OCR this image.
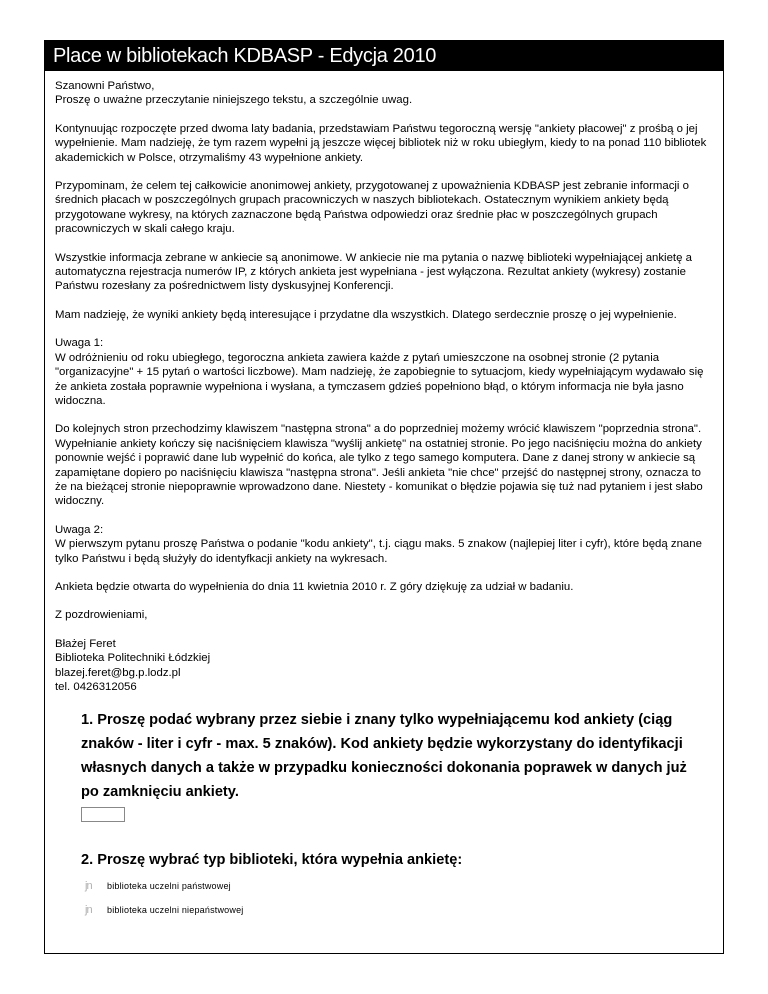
Place w bibliotekach KDBASP - Edycja 2010

Szanowni Państwo,
Proszę o uważne przeczytanie niniejszego tekstu, a szczególnie uwag.

Kontynuując rozpoczęte przed dwoma laty badania, przedstawiam Państwu tegoroczną wersję "ankiety płacowej" z prośbą o jej wypełnienie. Mam nadzieję, że tym razem wypełni ją jeszcze więcej bibliotek niż w roku ubiegłym, kiedy to na ponad 110 bibliotek akademickich w Polsce, otrzymaliśmy 43 wypełnione ankiety.

Przypominam, że celem tej całkowicie anonimowej ankiety, przygotowanej z upoważnienia KDBASP jest zebranie informacji o średnich płacach w poszczególnych grupach pracowniczych w naszych bibliotekach. Ostatecznym wynikiem ankiety będą przygotowane wykresy, na których zaznaczone będą Państwa odpowiedzi oraz średnie płac w poszczególnych grupach pracowniczych w skali całego kraju.

Wszystkie informacja zebrane w ankiecie są anonimowe. W ankiecie nie ma pytania o nazwę biblioteki wypełniającej ankietę a automatyczna rejestracja numerów IP, z których ankieta jest wypełniana - jest wyłączona. Rezultat ankiety (wykresy) zostanie Państwu rozesłany za pośrednictwem listy dyskusyjnej Konferencji.

Mam nadzieję, że wyniki ankiety będą interesujące i przydatne dla wszystkich. Dlatego serdecznie proszę o jej wypełnienie.

Uwaga 1:
W odróżnieniu od roku ubiegłego, tegoroczna ankieta zawiera każde z pytań umieszczone na osobnej stronie (2 pytania "organizacyjne" + 15 pytań o wartości liczbowe). Mam nadzieję, że zapobiegnie to sytuacjom, kiedy wypełniającym wydawało się że ankieta została poprawnie wypełniona i wysłana, a tymczasem gdzieś popełniono błąd, o którym informacja nie była jasno widoczna.

Do kolejnych stron przechodzimy klawiszem "następna strona" a do poprzedniej możemy wrócić klawiszem "poprzednia strona". Wypełnianie ankiety kończy się naciśnięciem klawisza "wyślij ankietę" na ostatniej stronie. Po jego naciśnięciu można do ankiety ponownie wejść i poprawić dane lub wypełnić do końca, ale tylko z tego samego komputera. Dane z danej strony w ankiecie są zapamiętane dopiero po naciśnięciu klawisza "następna strona". Jeśli ankieta "nie chce" przejść do następnej strony, oznacza to że na bieżącej stronie niepoprawnie wprowadzono dane. Niestety - komunikat o błędzie pojawia się tuż nad pytaniem i jest słabo widoczny.

Uwaga 2:
W pierwszym pytanu proszę Państwa o podanie "kodu ankiety", t.j. ciągu maks. 5 znakow (najlepiej liter i cyfr), które będą znane tylko Państwu i będą służyły do identyfkacji ankiety na wykresach.

Ankieta będzie otwarta do wypełnienia do dnia 11 kwietnia 2010 r. Z góry dziękuję za udział w badaniu.

Z pozdrowieniami,

Błażej Feret
Biblioteka Politechniki Łódzkiej
blazej.feret@bg.p.lodz.pl
tel. 0426312056

1. Proszę podać wybrany przez siebie i znany tylko wypełniającemu kod ankiety (ciąg znaków - liter i cyfr - max. 5 znaków). Kod ankiety będzie wykorzystany do identyfikacji własnych danych a także w przypadku konieczności dokonania poprawek w danych już po zamknięciu ankiety.

2. Proszę wybrać typ biblioteki, która wypełnia ankietę:

jn	biblioteka uczelni państwowej
jn	biblioteka uczelni niepaństwowej
